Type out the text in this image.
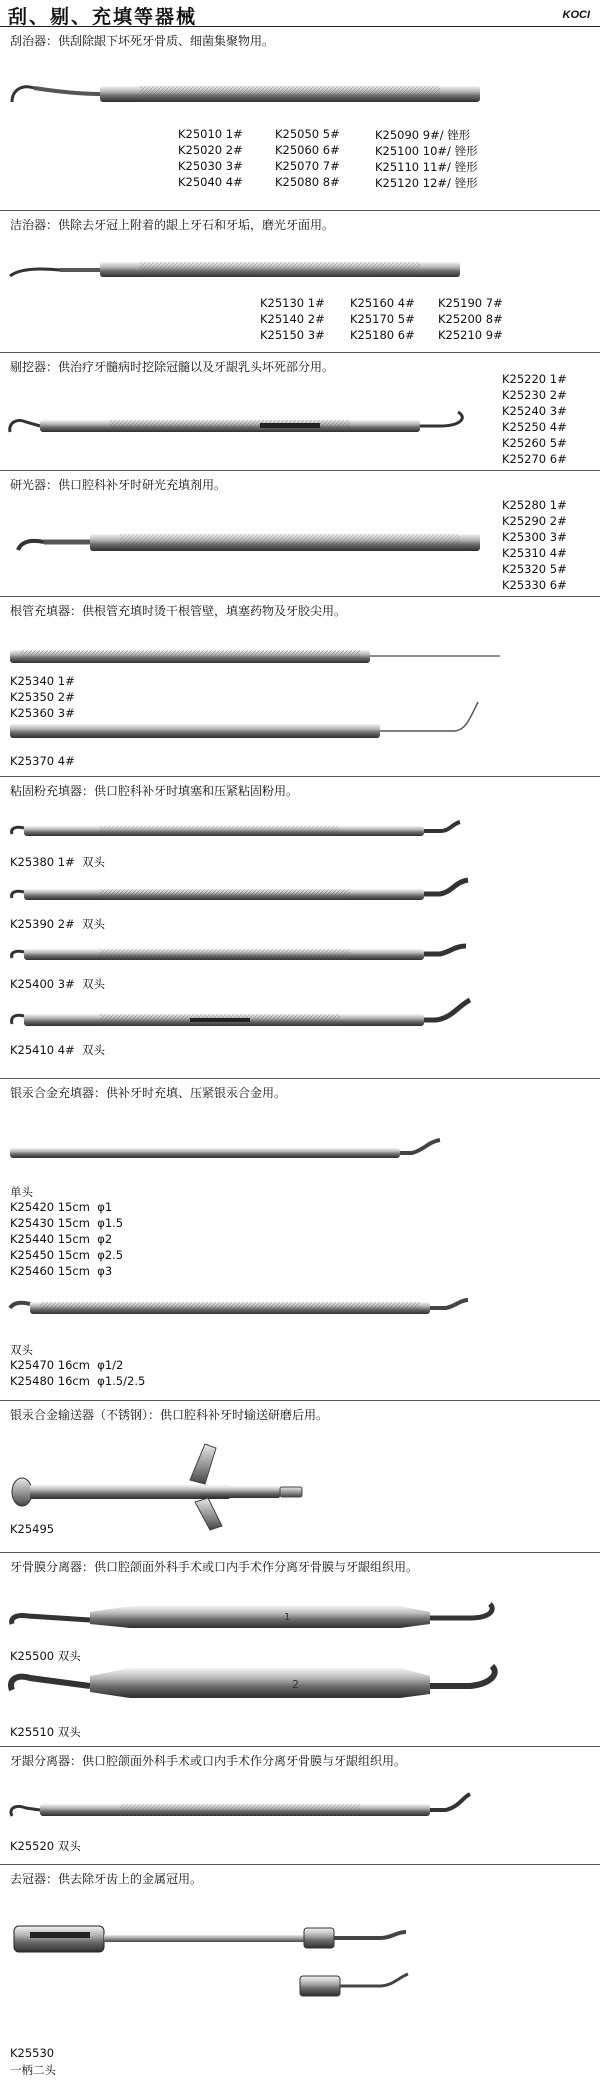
刮、剔、充填等器械	KOCI
刮治器：供刮除龈下坏死牙骨质、细菌集聚物用。
K25010 1#
K25020 2#
K25030 3#
K25040 4#
K25050 5#
K25060 6#
K25070 7#
K25080 8#
K25090 9#/ 锉形
K25100 10#/ 锉形
K25110 11#/ 锉形
K25120 12#/ 锉形
洁治器：供除去牙冠上附着的龈上牙石和牙垢，磨光牙面用。
K25130 1#
K25140 2#
K25150 3#
K25160 4#
K25170 5#
K25180 6#
K25190 7#
K25200 8#
K25210 9#
剔挖器：供治疗牙髓病时挖除冠髓以及牙龈乳头坏死部分用。
K25220 1#
K25230 2#
K25240 3#
K25250 4#
K25260 5#
K25270 6#
研光器：供口腔科补牙时研光充填剂用。
K25280 1#
K25290 2#
K25300 3#
K25310 4#
K25320 5#
K25330 6#
根管充填器：供根管充填时烫干根管壁，填塞药物及牙胶尖用。
K25340 1#
K25350 2#
K25360 3#
K25370 4#
粘固粉充填器：供口腔科补牙时填塞和压紧粘固粉用。
K25380 1#  双头
K25390 2#  双头
K25400 3#  双头
K25410 4#  双头
银汞合金充填器：供补牙时充填、压紧银汞合金用。
单头
K25420 15cm  φ1
K25430 15cm  φ1.5
K25440 15cm  φ2
K25450 15cm  φ2.5
K25460 15cm  φ3
双头
K25470 16cm  φ1/2
K25480 16cm  φ1.5/2.5
银汞合金输送器（不锈钢）：供口腔科补牙时输送研磨后用。
K25495
牙骨膜分离器：供口腔颌面外科手术或口内手术作分离牙骨膜与牙龈组织用。
1
K25500 双头
2
K25510 双头
牙龈分离器：供口腔颌面外科手术或口内手术作分离牙骨膜与牙龈组织用。
K25520 双头
去冠器：供去除牙齿上的金属冠用。
K25530
一柄二头
